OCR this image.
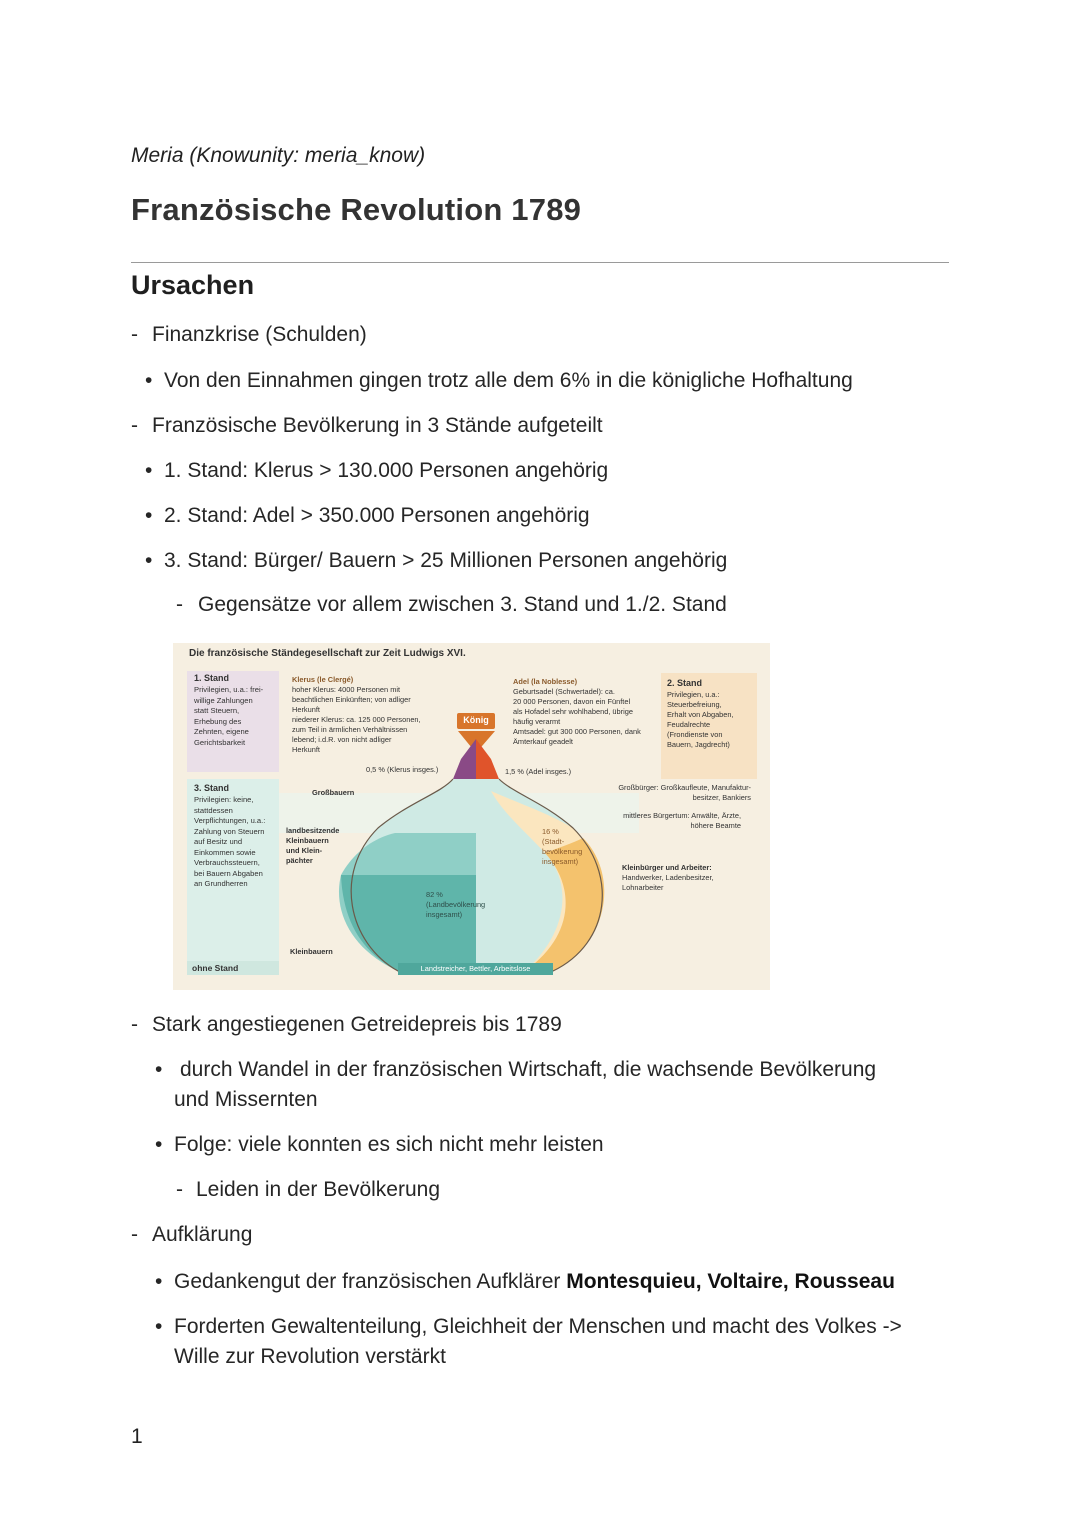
Meria (Knowunity: meria_know)
Französische Revolution 1789
Ursachen
- Finanzkrise (Schulden)
• Von den Einnahmen gingen trotz alle dem 6% in die königliche Hofhaltung
- Französische Bevölkerung in 3 Stände aufgeteilt
• 1. Stand: Klerus > 130.000 Personen angehörig
• 2. Stand: Adel > 350.000 Personen angehörig
• 3. Stand: Bürger/ Bauern > 25 Millionen Personen angehörig
- Gegensätze vor allem zwischen 3. Stand und 1./2. Stand
Die französische Ständegesellschaft zur Zeit Ludwigs XVI.
1. Stand
Privilegien, u.a.: frei-
willige Zahlungen
statt Steuern,
Erhebung des
Zehnten, eigene
Gerichtsbarkeit
Klerus (le Clergé)
hoher Klerus: 4000 Personen mit
beachtlichen Einkünften; von adliger
Herkunft
niederer Klerus: ca. 125 000 Personen,
zum Teil in ärmlichen Verhältnissen
lebend; i.d.R. von nicht adliger
Herkunft
König
Adel (la Noblesse)
Geburtsadel (Schwertadel): ca.
20 000 Personen, davon ein Fünftel
als Hofadel sehr wohlhabend, übrige
häufig verarmt
Amtsadel: gut 300 000 Personen, dank
Ämterkauf geadelt
2. Stand
Privilegien, u.a.:
Steuerbefreiung,
Erhalt von Abgaben,
Feudalrechte
(Frondienste von
Bauern, Jagdrecht)
0,5 % (Klerus insges.)	1,5 % (Adel insges.)
3. Stand
Privilegien: keine,
stattdessen
Verpflichtungen, u.a.:
Zahlung von Steuern
auf Besitz und
Einkommen sowie
Verbrauchssteuern,
bei Bauern Abgaben
an Grundherren
Großbauern
landbesitzende
Kleinbauern
und Klein-
pächter
Kleinbauern
ohne Stand
Großbürger: Großkaufleute, Manufaktur-
besitzer, Bankiers
mittleres Bürgertum: Anwälte, Ärzte,
höhere Beamte
16 %
(Stadt-
bevölkerung
insgesamt)
Kleinbürger und Arbeiter:
Handwerker, Ladenbesitzer,
Lohnarbeiter
82 %
(Landbevölkerung
insgesamt)
Landstreicher, Bettler, Arbeitslose
- Stark angestiegenen Getreidepreis bis 1789
• durch Wandel in der französischen Wirtschaft, die wachsende Bevölkerung
und Missernten
• Folge: viele konnten es sich nicht mehr leisten
- Leiden in der Bevölkerung
- Aufklärung
• Gedankengut der französischen Aufklärer Montesquieu, Voltaire, Rousseau
• Forderten Gewaltenteilung, Gleichheit der Menschen und macht des Volkes ->
Wille zur Revolution verstärkt
1
